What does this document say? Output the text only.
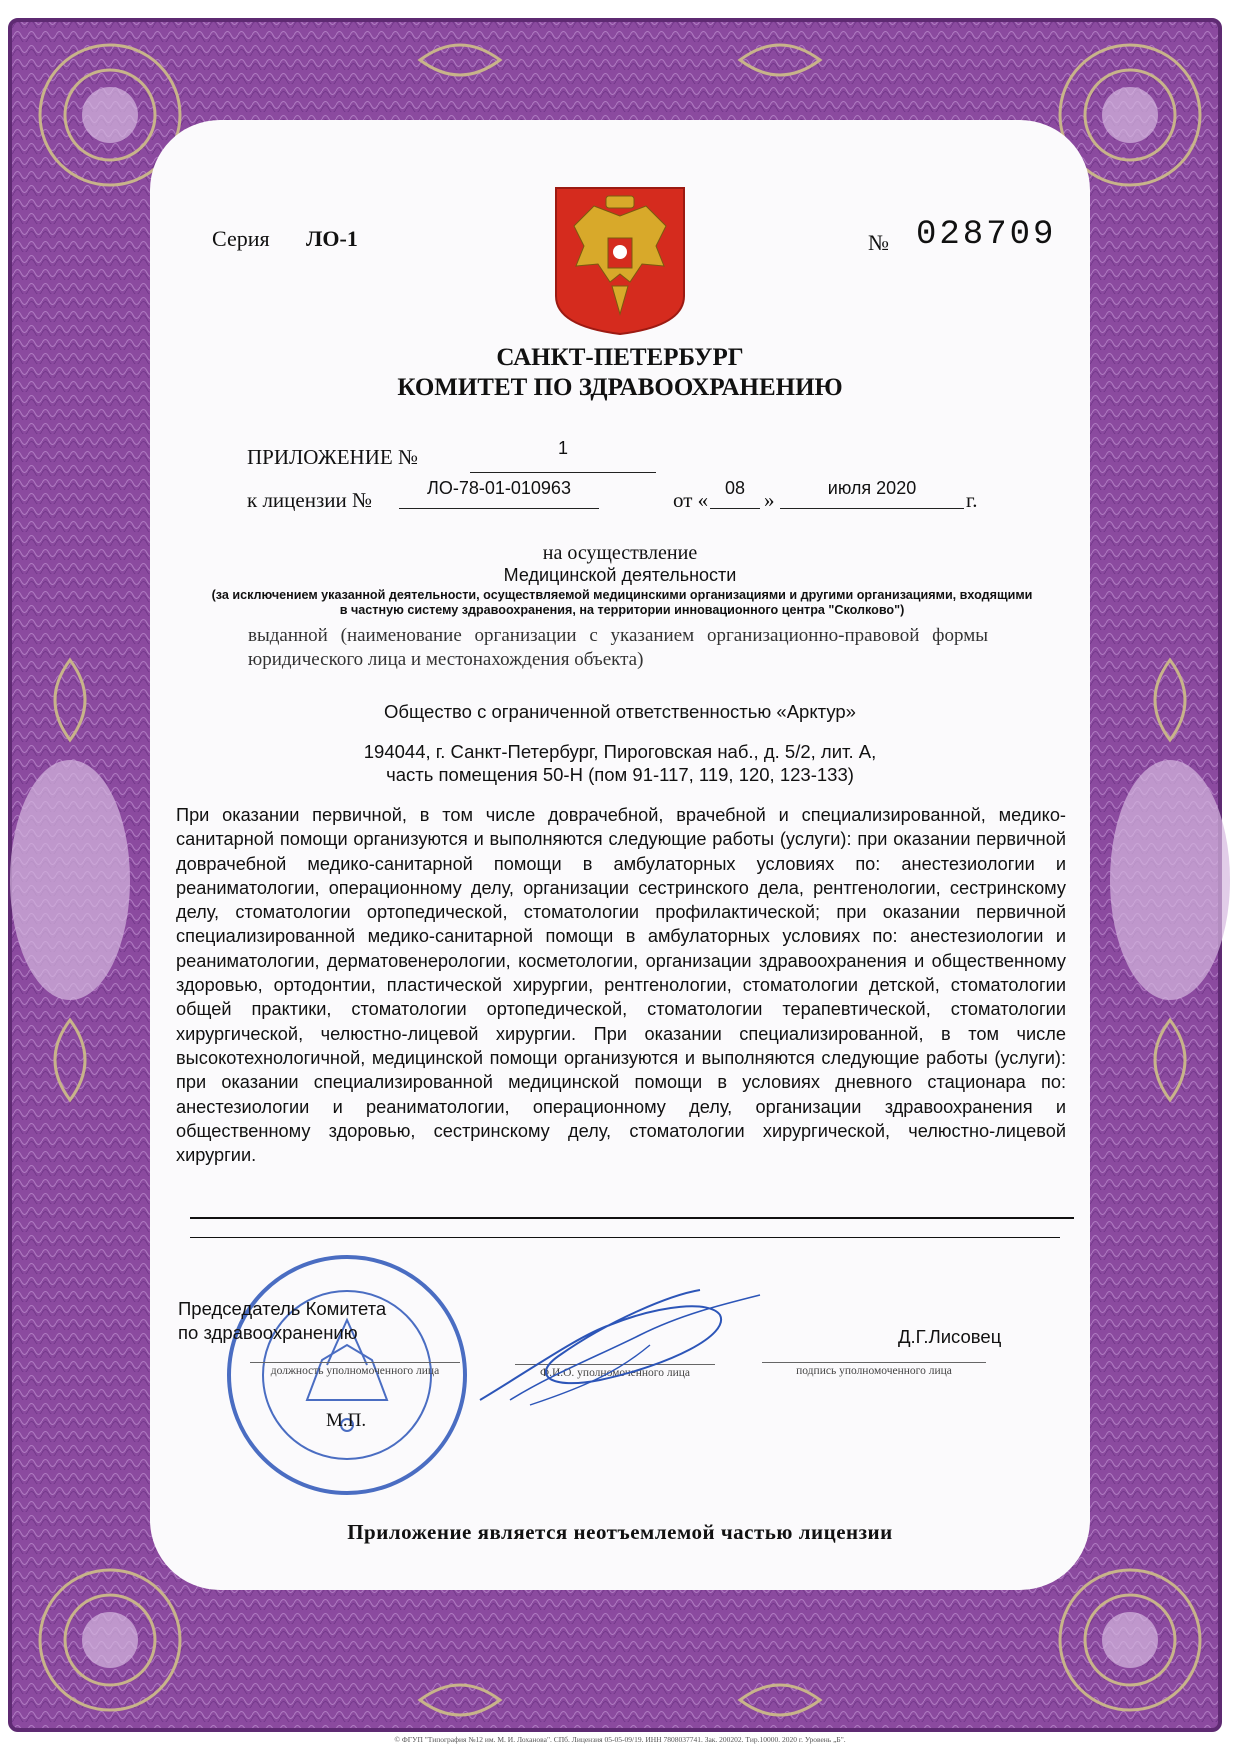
Серия ЛО-1	№ 028709
САНКТ-ПЕТЕРБУРГ
КОМИТЕТ ПО ЗДРАВООХРАНЕНИЮ
ПРИЛОЖЕНИЕ №	1
к лицензии №	ЛО-78-01-010963	от « 08 »	июля 2020	г.
на осуществление
Медицинской деятельности
(за исключением указанной деятельности, осуществляемой медицинскими организациями и другими организациями, входящими
в частную систему здравоохранения, на территории инновационного центра "Сколково")
выданной (наименование организации с указанием организационно-правовой формы юридического лица и местонахождения объекта)
Общество с ограниченной ответственностью «Арктур»
194044, г. Санкт-Петербург, Пироговская наб., д. 5/2, лит. А,
часть помещения 50-Н (пом 91-117, 119, 120, 123-133)
При оказании первичной, в том числе доврачебной, врачебной и специализированной, медико-санитарной помощи организуются и выполняются следующие работы (услуги): при оказании первичной доврачебной медико-санитарной помощи в амбулаторных условиях по: анестезиологии и реаниматологии, операционному делу, организации сестринского дела, рентгенологии, сестринскому делу, стоматологии ортопедической, стоматологии профилактической; при оказании первичной специализированной медико-санитарной помощи в амбулаторных условиях по: анестезиологии и реаниматологии, дерматовенерологии, косметологии, организации здравоохранения и общественному здоровью, ортодонтии, пластической хирургии, рентгенологии, стоматологии детской, стоматологии общей практики, стоматологии ортопедической, стоматологии терапевтической, стоматологии хирургической, челюстно-лицевой хирургии. При оказании специализированной, в том числе высокотехнологичной, медицинской помощи организуются и выполняются следующие работы (услуги): при оказании специализированной медицинской помощи в условиях дневного стационара по: анестезиологии и реаниматологии, операционному делу, организации здравоохранения и общественному здоровью, сестринскому делу, стоматологии хирургической, челюстно-лицевой хирургии.
Председатель Комитета
по здравоохранению	Д.Г.Лисовец
должность уполномоченного лица	Ф.И.О. уполномоченного лица	подпись уполномоченного лица
М.П.
Приложение является неотъемлемой частью лицензии
© ФГУП "Типография №12 им. М. И. Лоханова". СПб. Лицензия 05-05-09/19. ИНН 7808037741. Зак. 200202. Тир.10000. 2020 г. Уровень „Б".
